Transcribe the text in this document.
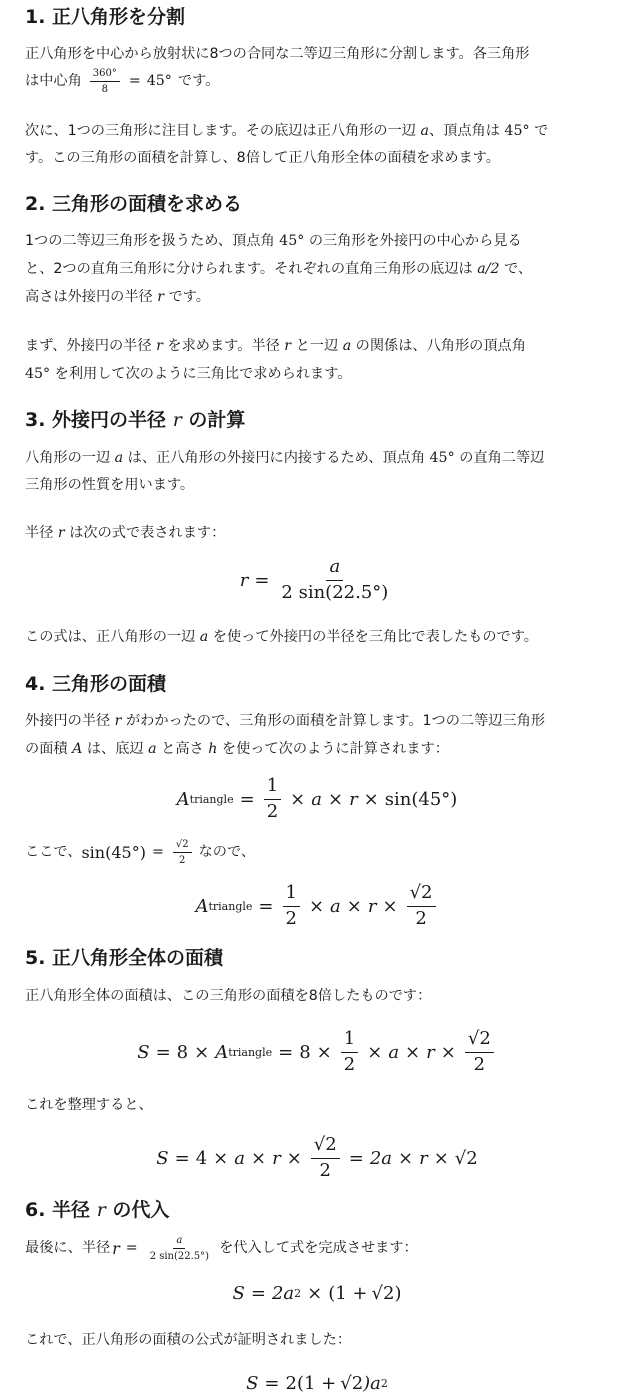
1. 正八角形を分割
正八角形を中心から放射状に8つの合同な二等辺三角形に分割します。各三角形
は中心角 $\frac{360^\circ}{8} = 45^\circ$ です。
次に、1つの三角形に注目します。その底辺は正八角形の一辺 a、頂点角は 45° で
す。この三角形の面積を計算し、8倍して正八角形全体の面積を求めます。
2. 三角形の面積を求める
1つの二等辺三角形を扱うため、頂点角 45° の三角形を外接円の中心から見る
と、2つの直角三角形に分けられます。それぞれの直角三角形の底辺は a/2 で、
高さは外接円の半径 r です。
まず、外接円の半径 r を求めます。半径 r と一辺 a の関係は、八角形の頂点角
45° を利用して次のように三角比で求められます。
3. 外接円の半径 r の計算
八角形の一辺 a は、正八角形の外接円に内接するため、頂点角 45° の直角二等辺
三角形の性質を用います。
半径 r は次の式で表されます：
$r = \frac{a}{2 \sin(22.5^\circ)}$
この式は、正八角形の一辺 a を使って外接円の半径を三角比で表したものです。
4. 三角形の面積
外接円の半径 r がわかったので、三角形の面積を計算します。1つの二等辺三角形
の面積 A は、底辺 a と高さ h を使って次のように計算されます：
A triangle = $\frac{1}{2} \times a \times r \times \sin(45^\circ)$
ここで、 $\sin(45^\circ) = \frac{√2}{2}$ なので、
A triangle = $\frac{1}{2} \times a \times r \times \frac{√2}{2}$
5. 正八角形全体の面積
正八角形全体の面積は、この三角形の面積を8倍したものです：
S = 8 × A triangle = $8 \times \frac{1}{2} \times a \times r \times \frac{√2}{2}$
これを整理すると、
$S = 4 \times a \times r \times \frac{√2}{2} = 2a \times r \times √2$
6. 半径 r の代入
最後に、半径 $r = \frac{a}{2 \sin(22.5^\circ)}$ を代入して式を完成させます：
S = 2a 2 × (1 + √2 )
これで、正八角形の面積の公式が証明されました：
S = 2(1 + √2 )a 2
